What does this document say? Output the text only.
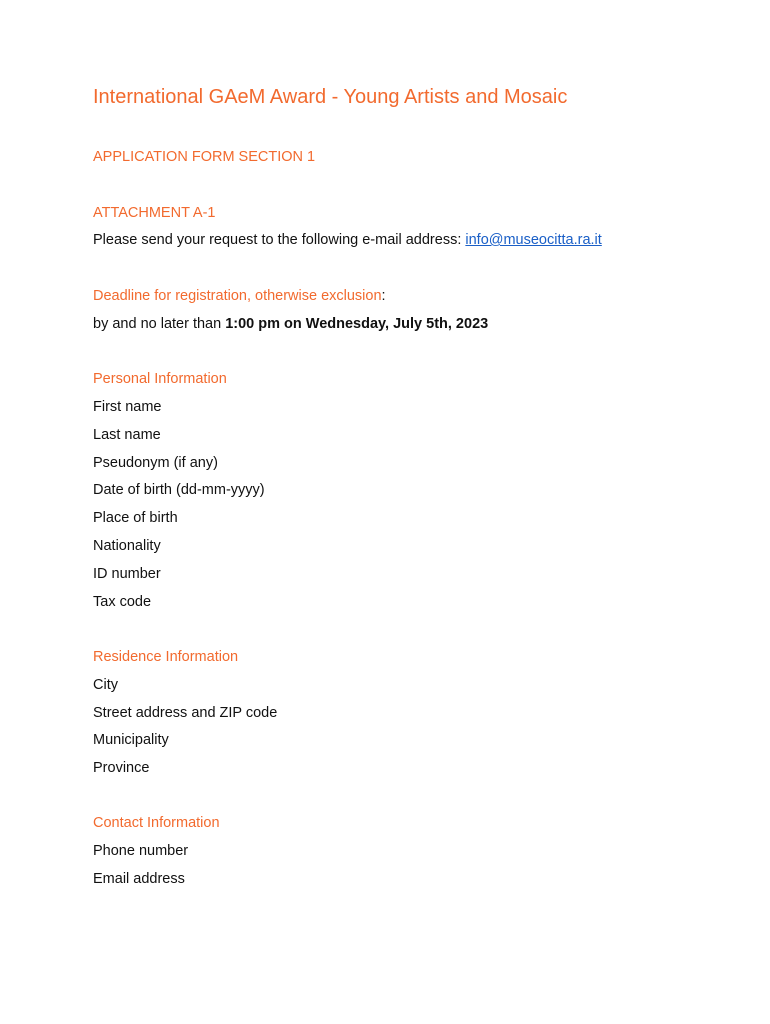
International GAeM Award - Young Artists and Mosaic
APPLICATION FORM SECTION 1
ATTACHMENT A-1
Please send your request to the following e-mail address: info@museocitta.ra.it
Deadline for registration, otherwise exclusion:
by and no later than 1:00 pm on Wednesday, July 5th, 2023
Personal Information
First name
Last name
Pseudonym (if any)
Date of birth (dd-mm-yyyy)
Place of birth
Nationality
ID number
Tax code
Residence Information
City
Street address and ZIP code
Municipality
Province
Contact Information
Phone number
Email address
